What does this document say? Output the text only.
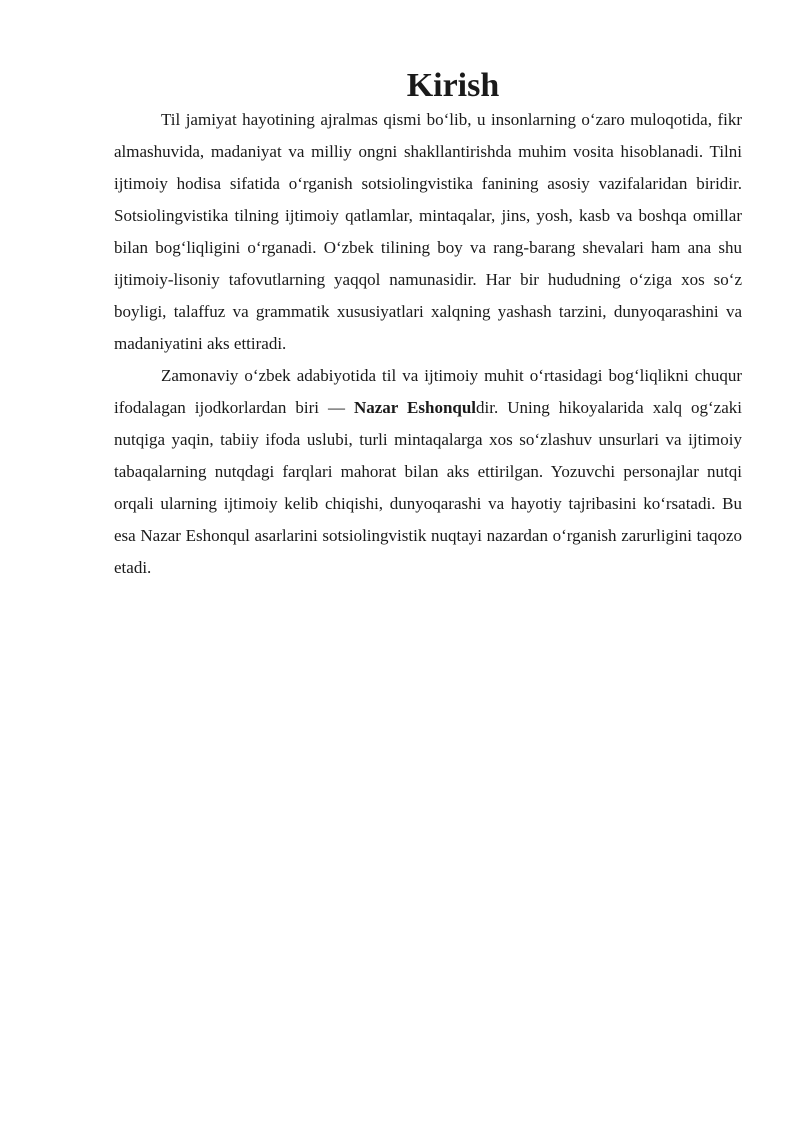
Kirish

Til jamiyat hayotining ajralmas qismi bo‘lib, u insonlarning o‘zaro muloqotida, fikr almashuvida, madaniyat va milliy ongni shakllantirishda muhim vosita hisoblanadi. Tilni ijtimoiy hodisa sifatida o‘rganish sotsiolingvistika fanining asosiy vazifalaridan biridir. Sotsiolingvistika tilning ijtimoiy qatlamlar, mintaqalar, jins, yosh, kasb va boshqa omillar bilan bog‘liqligini o‘rganadi. O‘zbek tilining boy va rang-barang shevalari ham ana shu ijtimoiy-lisoniy tafovutlarning yaqqol namunasidir. Har bir hududning o‘ziga xos so‘z boyligi, talaffuz va grammatik xususiyatlari xalqning yashash tarzini, dunyoqarashini va madaniyatini aks ettiradi.

Zamonaviy o‘zbek adabiyotida til va ijtimoiy muhit o‘rtasidagi bog‘liqlikni chuqur ifodalagan ijodkorlardan biri — Nazar Eshonquldir. Uning hikoyalarida xalq og‘zaki nutqiga yaqin, tabiiy ifoda uslubi, turli mintaqalarga xos so‘zlashuv unsurlari va ijtimoiy tabaqalarning nutqdagi farqlari mahorat bilan aks ettirilgan. Yozuvchi personajlar nutqi orqali ularning ijtimoiy kelib chiqishi, dunyoqarashi va hayotiy tajribasini ko‘rsatadi. Bu esa Nazar Eshonqul asarlarini sotsiolingvistik nuqtayi nazardan o‘rganish zarurligini taqozo etadi.
